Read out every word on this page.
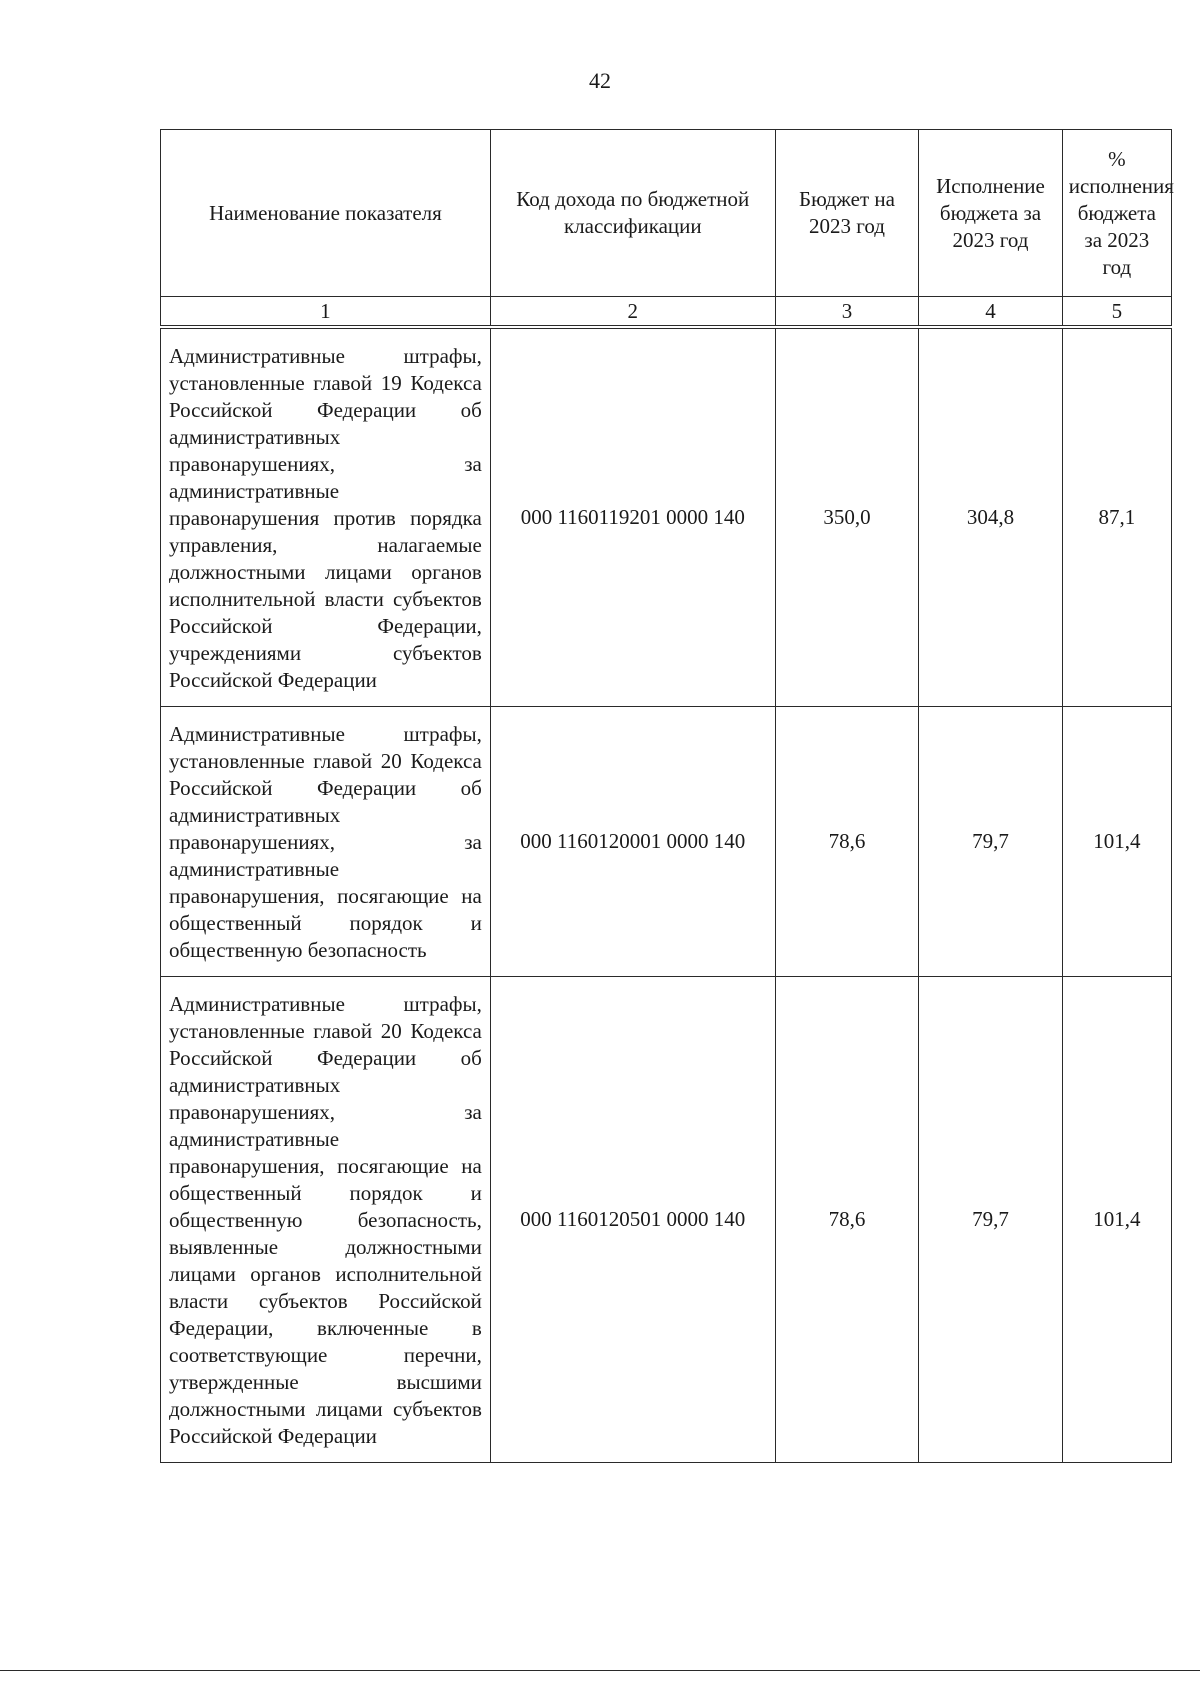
42
Наименование показателя	Код дохода по бюджетной классификации	Бюджет на 2023 год	Исполнение бюджета за 2023 год	% исполнения бюджета за 2023 год
1	2	3	4	5
Административные штрафы, установленные главой 19 Кодекса Российской Федерации об административных правонарушениях, за административные правонарушения против порядка управления, налагаемые должностными лицами органов исполнительной власти субъектов Российской Федерации, учреждениями субъектов Российской Федерации	000 1160119201 0000 140	350,0	304,8	87,1
Административные штрафы, установленные главой 20 Кодекса Российской Федерации об административных правонарушениях, за административные правонарушения, посягающие на общественный порядок и общественную безопасность	000 1160120001 0000 140	78,6	79,7	101,4
Административные штрафы, установленные главой 20 Кодекса Российской Федерации об административных правонарушениях, за административные правонарушения, посягающие на общественный порядок и общественную безопасность, выявленные должностными лицами органов исполнительной власти субъектов Российской Федерации, включенные в соответствующие перечни, утвержденные высшими должностными лицами субъектов Российской Федерации	000 1160120501 0000 140	78,6	79,7	101,4
